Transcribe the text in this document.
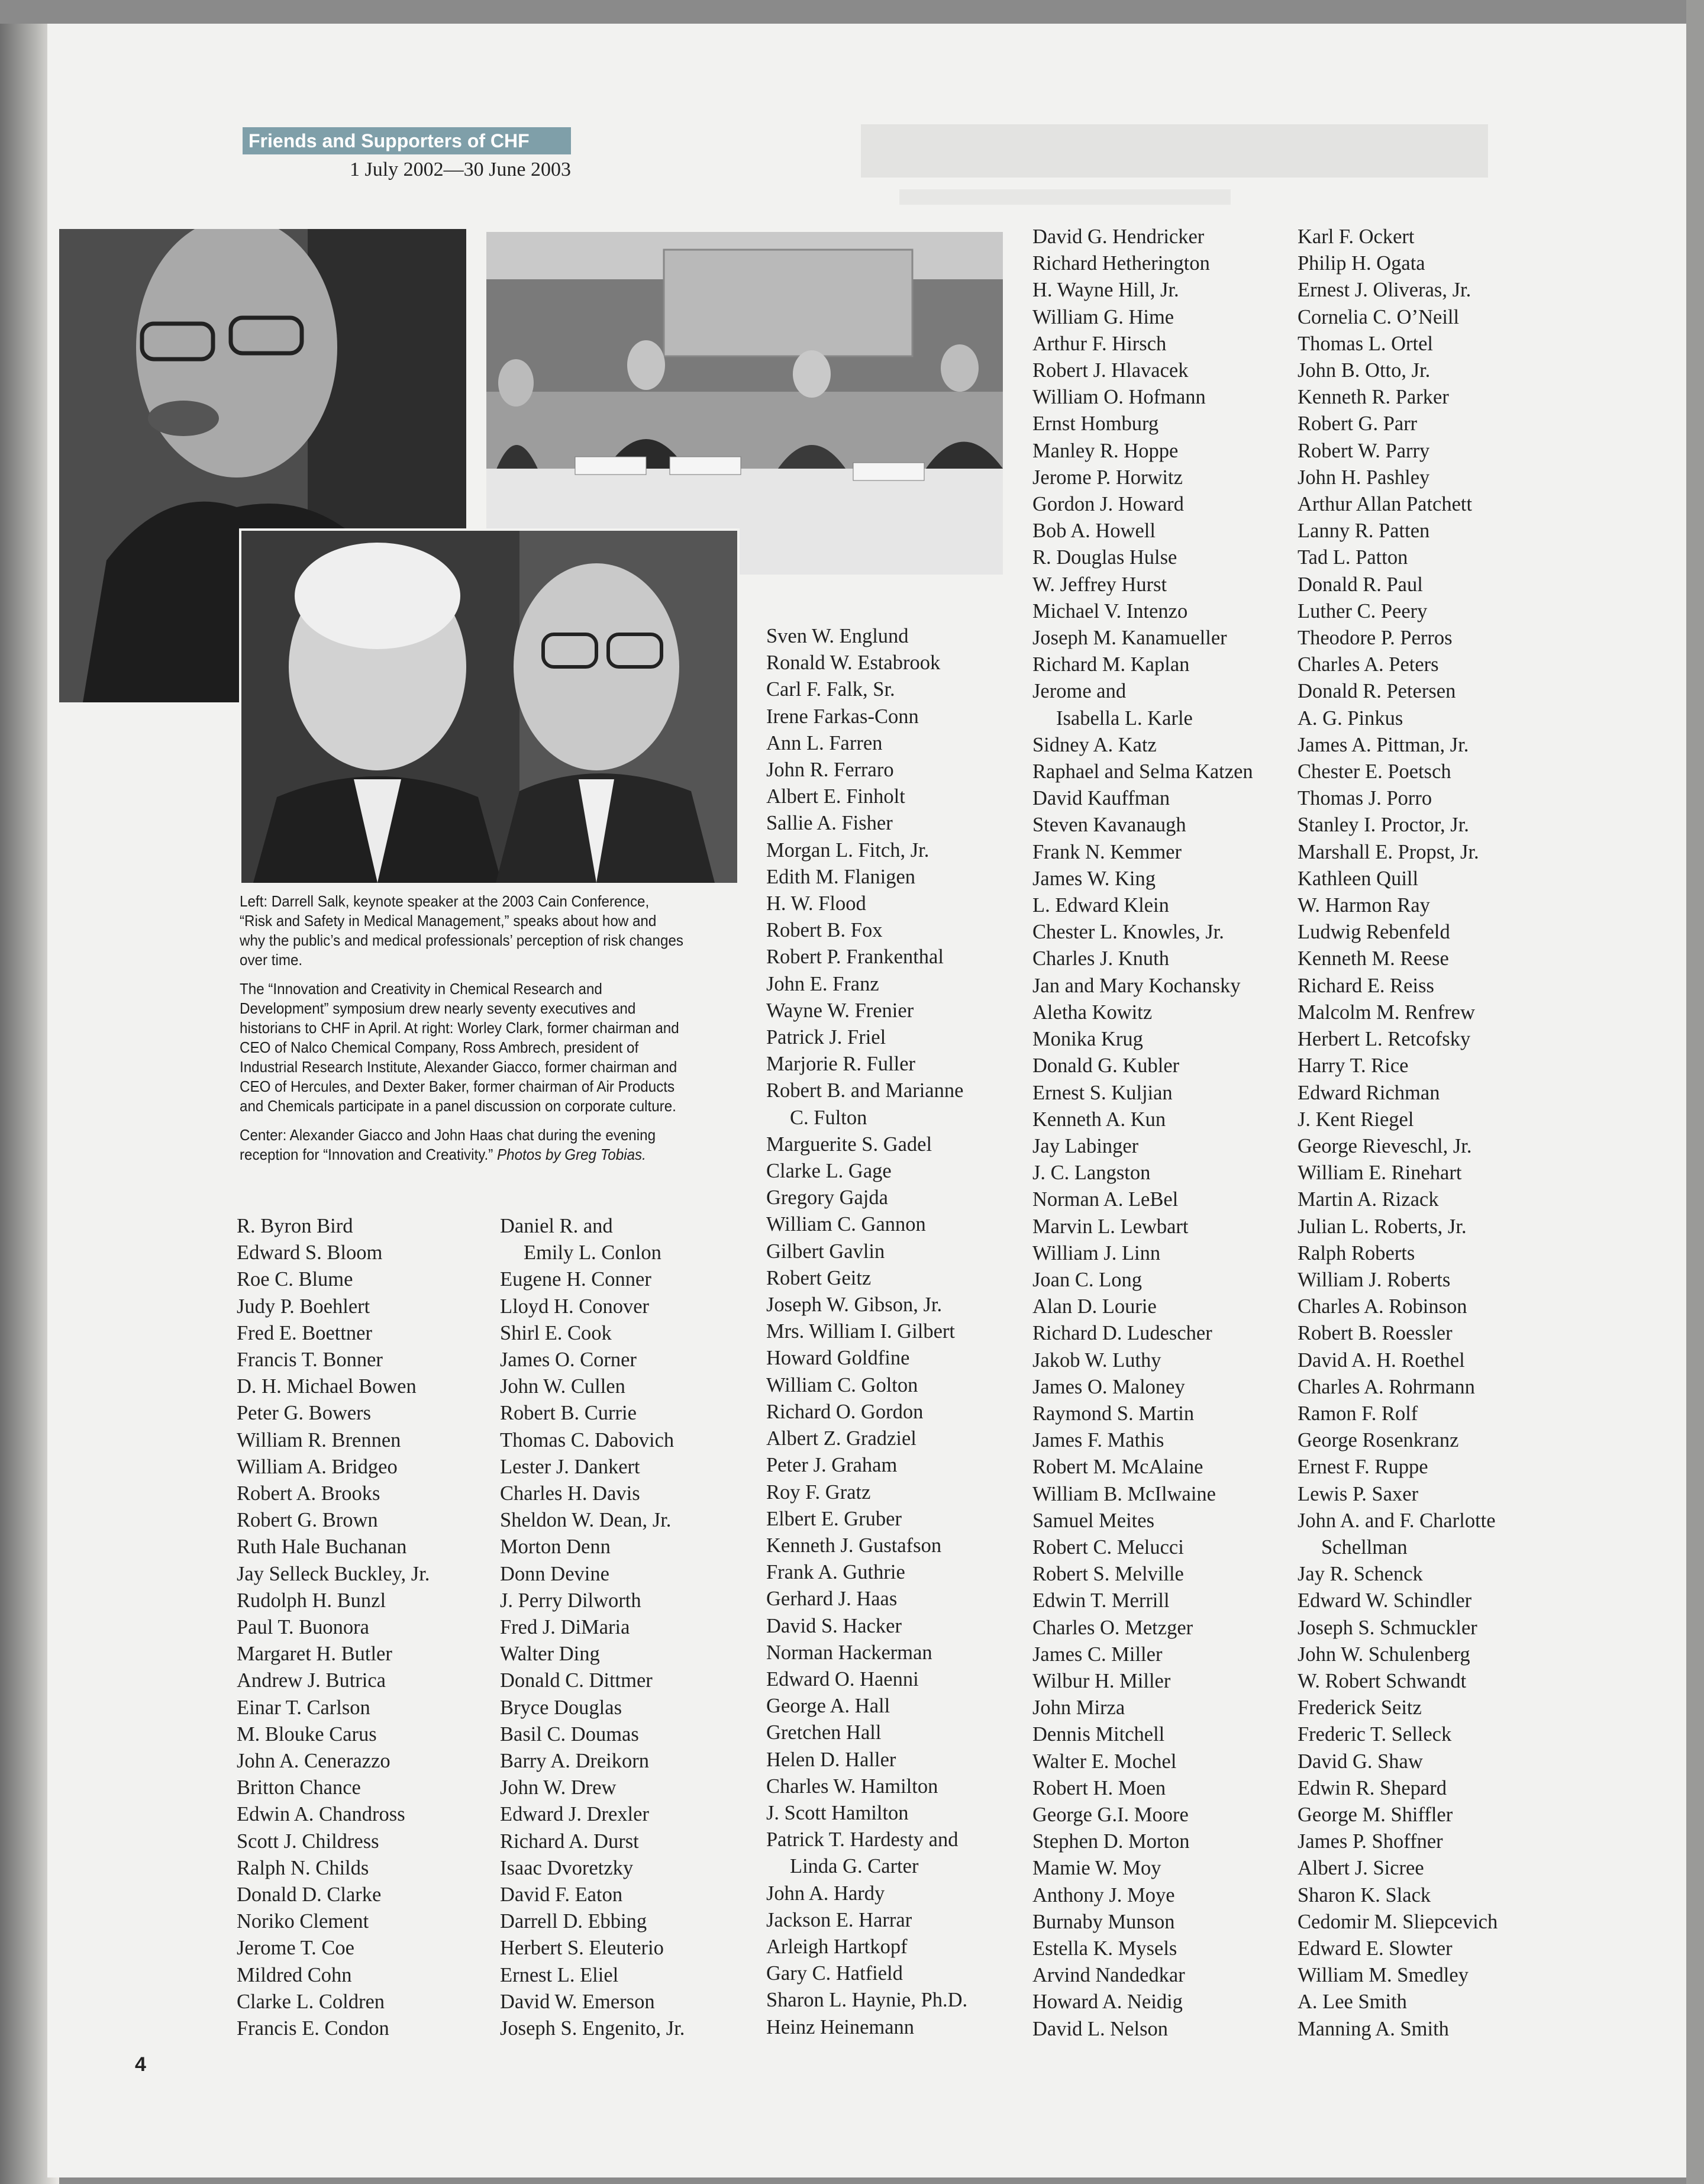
Friends and Supporters of CHF
1 July 2002—30 June 2003

Left: Darrell Salk, keynote speaker at the 2003 Cain Conference, “Risk and Safety in Medical Management,” speaks about how and why the public’s and medical professionals’ perception of risk changes over time.

The “Innovation and Creativity in Chemical Research and Development” symposium drew nearly seventy executives and historians to CHF in April. At right: Worley Clark, former chairman and CEO of Nalco Chemical Company, Ross Ambrech, president of Industrial Research Institute, Alexander Giacco, former chairman and CEO of Hercules, and Dexter Baker, former chairman of Air Products and Chemicals participate in a panel discussion on corporate culture.

Center: Alexander Giacco and John Haas chat during the evening reception for “Innovation and Creativity.” Photos by Greg Tobias.

R. Byron Bird
Edward S. Bloom
Roe C. Blume
Judy P. Boehlert
Fred E. Boettner
Francis T. Bonner
D. H. Michael Bowen
Peter G. Bowers
William R. Brennen
William A. Bridgeo
Robert A. Brooks
Robert G. Brown
Ruth Hale Buchanan
Jay Selleck Buckley, Jr.
Rudolph H. Bunzl
Paul T. Buonora
Margaret H. Butler
Andrew J. Butrica
Einar T. Carlson
M. Blouke Carus
John A. Cenerazzo
Britton Chance
Edwin A. Chandross
Scott J. Childress
Ralph N. Childs
Donald D. Clarke
Noriko Clement
Jerome T. Coe
Mildred Cohn
Clarke L. Coldren
Francis E. Condon
Daniel R. and
Emily L. Conlon
Eugene H. Conner
Lloyd H. Conover
Shirl E. Cook
James O. Corner
John W. Cullen
Robert B. Currie
Thomas C. Dabovich
Lester J. Dankert
Charles H. Davis
Sheldon W. Dean, Jr.
Morton Denn
Donn Devine
J. Perry Dilworth
Fred J. DiMaria
Walter Ding
Donald C. Dittmer
Bryce Douglas
Basil C. Doumas
Barry A. Dreikorn
John W. Drew
Edward J. Drexler
Richard A. Durst
Isaac Dvoretzky
David F. Eaton
Darrell D. Ebbing
Herbert S. Eleuterio
Ernest L. Eliel
David W. Emerson
Joseph S. Engenito, Jr.
Sven W. Englund
Ronald W. Estabrook
Carl F. Falk, Sr.
Irene Farkas-Conn
Ann L. Farren
John R. Ferraro
Albert E. Finholt
Sallie A. Fisher
Morgan L. Fitch, Jr.
Edith M. Flanigen
H. W. Flood
Robert B. Fox
Robert P. Frankenthal
John E. Franz
Wayne W. Frenier
Patrick J. Friel
Marjorie R. Fuller
Robert B. and Marianne
C. Fulton
Marguerite S. Gadel
Clarke L. Gage
Gregory Gajda
William C. Gannon
Gilbert Gavlin
Robert Geitz
Joseph W. Gibson, Jr.
Mrs. William I. Gilbert
Howard Goldfine
William C. Golton
Richard O. Gordon
Albert Z. Gradziel
Peter J. Graham
Roy F. Gratz
Elbert E. Gruber
Kenneth J. Gustafson
Frank A. Guthrie
Gerhard J. Haas
David S. Hacker
Norman Hackerman
Edward O. Haenni
George A. Hall
Gretchen Hall
Helen D. Haller
Charles W. Hamilton
J. Scott Hamilton
Patrick T. Hardesty and
Linda G. Carter
John A. Hardy
Jackson E. Harrar
Arleigh Hartkopf
Gary C. Hatfield
Sharon L. Haynie, Ph.D.
Heinz Heinemann
David G. Hendricker
Richard Hetherington
H. Wayne Hill, Jr.
William G. Hime
Arthur F. Hirsch
Robert J. Hlavacek
William O. Hofmann
Ernst Homburg
Manley R. Hoppe
Jerome P. Horwitz
Gordon J. Howard
Bob A. Howell
R. Douglas Hulse
W. Jeffrey Hurst
Michael V. Intenzo
Joseph M. Kanamueller
Richard M. Kaplan
Jerome and
Isabella L. Karle
Sidney A. Katz
Raphael and Selma Katzen
David Kauffman
Steven Kavanaugh
Frank N. Kemmer
James W. King
L. Edward Klein
Chester L. Knowles, Jr.
Charles J. Knuth
Jan and Mary Kochansky
Aletha Kowitz
Monika Krug
Donald G. Kubler
Ernest S. Kuljian
Kenneth A. Kun
Jay Labinger
J. C. Langston
Norman A. LeBel
Marvin L. Lewbart
William J. Linn
Joan C. Long
Alan D. Lourie
Richard D. Ludescher
Jakob W. Luthy
James O. Maloney
Raymond S. Martin
James F. Mathis
Robert M. McAlaine
William B. McIlwaine
Samuel Meites
Robert C. Melucci
Robert S. Melville
Edwin T. Merrill
Charles O. Metzger
James C. Miller
Wilbur H. Miller
John Mirza
Dennis Mitchell
Walter E. Mochel
Robert H. Moen
George G.I. Moore
Stephen D. Morton
Mamie W. Moy
Anthony J. Moye
Burnaby Munson
Estella K. Mysels
Arvind Nandedkar
Howard A. Neidig
David L. Nelson
Karl F. Ockert
Philip H. Ogata
Ernest J. Oliveras, Jr.
Cornelia C. O’Neill
Thomas L. Ortel
John B. Otto, Jr.
Kenneth R. Parker
Robert G. Parr
Robert W. Parry
John H. Pashley
Arthur Allan Patchett
Lanny R. Patten
Tad L. Patton
Donald R. Paul
Luther C. Peery
Theodore P. Perros
Charles A. Peters
Donald R. Petersen
A. G. Pinkus
James A. Pittman, Jr.
Chester E. Poetsch
Thomas J. Porro
Stanley I. Proctor, Jr.
Marshall E. Propst, Jr.
Kathleen Quill
W. Harmon Ray
Ludwig Rebenfeld
Kenneth M. Reese
Richard E. Reiss
Malcolm M. Renfrew
Herbert L. Retcofsky
Harry T. Rice
Edward Richman
J. Kent Riegel
George Rieveschl, Jr.
William E. Rinehart
Martin A. Rizack
Julian L. Roberts, Jr.
Ralph Roberts
William J. Roberts
Charles A. Robinson
Robert B. Roessler
David A. H. Roethel
Charles A. Rohrmann
Ramon F. Rolf
George Rosenkranz
Ernest F. Ruppe
Lewis P. Saxer
John A. and F. Charlotte
Schellman
Jay R. Schenck
Edward W. Schindler
Joseph S. Schmuckler
John W. Schulenberg
W. Robert Schwandt
Frederick Seitz
Frederic T. Selleck
David G. Shaw
Edwin R. Shepard
George M. Shiffler
James P. Shoffner
Albert J. Sicree
Sharon K. Slack
Cedomir M. Sliepcevich
Edward E. Slowter
William M. Smedley
A. Lee Smith
Manning A. Smith
4
